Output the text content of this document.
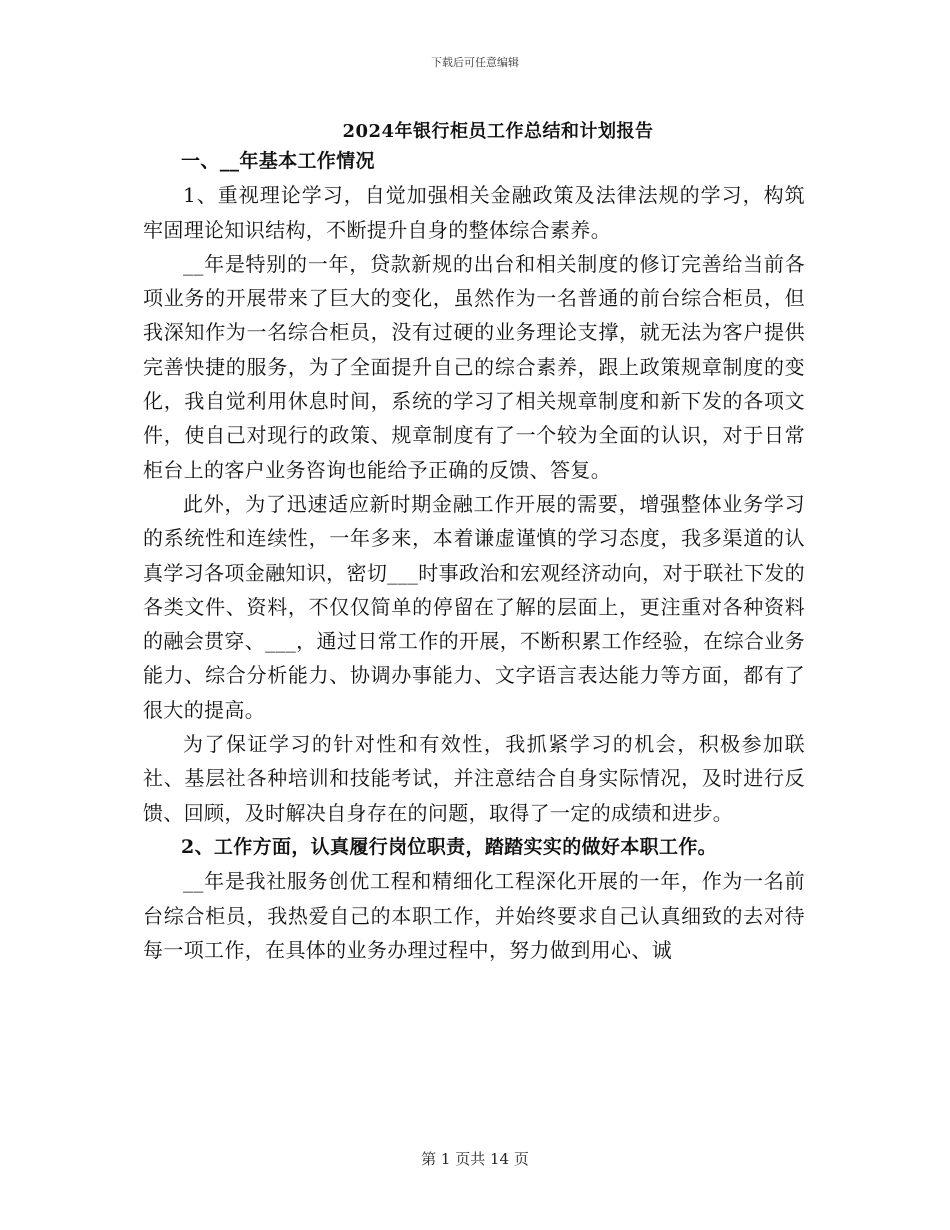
下载后可任意编辑
2024年银行柜员工作总结和计划报告

一、__年基本工作情况

1、重视理论学习，自觉加强相关金融政策及法律法规的学习，构筑牢固理论知识结构，不断提升自身的整体综合素养。

__年是特别的一年，贷款新规的出台和相关制度的修订完善给当前各项业务的开展带来了巨大的变化，虽然作为一名普通的前台综合柜员，但我深知作为一名综合柜员，没有过硬的业务理论支撑，就无法为客户提供完善快捷的服务，为了全面提升自己的综合素养，跟上政策规章制度的变化，我自觉利用休息时间，系统的学习了相关规章制度和新下发的各项文件，使自己对现行的政策、规章制度有了一个较为全面的认识，对于日常柜台上的客户业务咨询也能给予正确的反馈、答复。

此外，为了迅速适应新时期金融工作开展的需要，增强整体业务学习的系统性和连续性，一年多来，本着谦虚谨慎的学习态度，我多渠道的认真学习各项金融知识，密切___时事政治和宏观经济动向，对于联社下发的各类文件、资料，不仅仅简单的停留在了解的层面上，更注重对各种资料的融会贯穿、___，通过日常工作的开展，不断积累工作经验，在综合业务能力、综合分析能力、协调办事能力、文字语言表达能力等方面，都有了很大的提高。

为了保证学习的针对性和有效性，我抓紧学习的机会，积极参加联社、基层社各种培训和技能考试，并注意结合自身实际情况，及时进行反馈、回顾，及时解决自身存在的问题，取得了一定的成绩和进步。

2、工作方面，认真履行岗位职责，踏踏实实的做好本职工作。

__年是我社服务创优工程和精细化工程深化开展的一年，作为一名前台综合柜员，我热爱自己的本职工作，并始终要求自己认真细致的去对待每一项工作，在具体的业务办理过程中，努力做到用心、诚

第 1 页共 14 页
